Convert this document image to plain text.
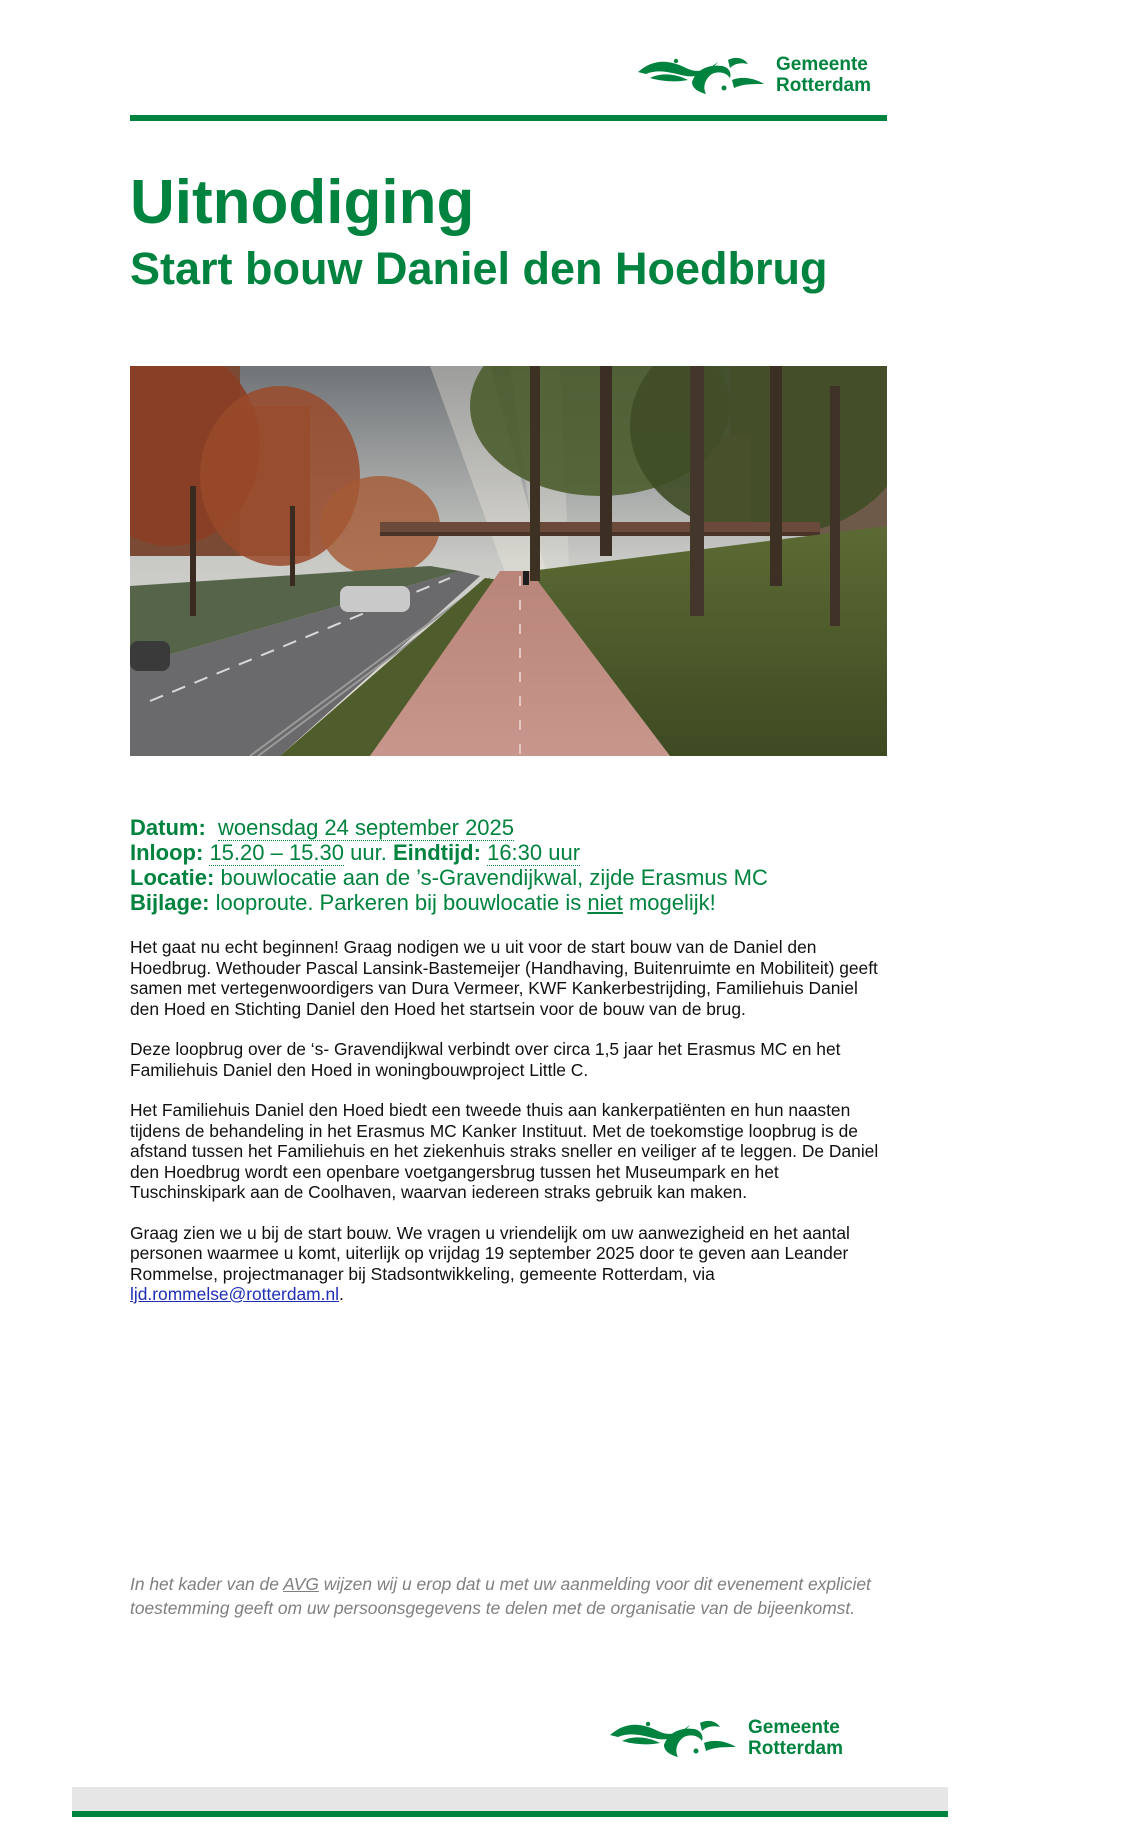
Gemeente
Rotterdam
Uitnodiging
Start bouw Daniel den Hoedbrug
Datum: woensdag 24 september 2025
Inloop: 15.20 – 15.30 uur. Eindtijd: 16:30 uur
Locatie: bouwlocatie aan de ’s-Gravendijkwal, zijde Erasmus MC
Bijlage: looproute. Parkeren bij bouwlocatie is niet mogelijk!

Het gaat nu echt beginnen! Graag nodigen we u uit voor de start bouw van de Daniel den Hoedbrug. Wethouder Pascal Lansink-Bastemeijer (Handhaving, Buitenruimte en Mobiliteit) geeft samen met vertegenwoordigers van Dura Vermeer, KWF Kankerbestrijding, Familiehuis Daniel den Hoed en Stichting Daniel den Hoed het startsein voor de bouw van de brug.

Deze loopbrug over de ‘s- Gravendijkwal verbindt over circa 1,5 jaar het Erasmus MC en het Familiehuis Daniel den Hoed in woningbouwproject Little C.

Het Familiehuis Daniel den Hoed biedt een tweede thuis aan kankerpatiënten en hun naasten tijdens de behandeling in het Erasmus MC Kanker Instituut. Met de toekomstige loopbrug is de afstand tussen het Familiehuis en het ziekenhuis straks sneller en veiliger af te leggen. De Daniel den Hoedbrug wordt een openbare voetgangersbrug tussen het Museumpark en het Tuschinskipark aan de Coolhaven, waarvan iedereen straks gebruik kan maken.

Graag zien we u bij de start bouw. We vragen u vriendelijk om uw aanwezigheid en het aantal personen waarmee u komt, uiterlijk op vrijdag 19 september 2025 door te geven aan Leander Rommelse, projectmanager bij Stadsontwikkeling, gemeente Rotterdam, via ljd.rommelse@rotterdam.nl.

In het kader van de AVG wijzen wij u erop dat u met uw aanmelding voor dit evenement expliciet toestemming geeft om uw persoonsgegevens te delen met de organisatie van de bijeenkomst.
Gemeente
Rotterdam
